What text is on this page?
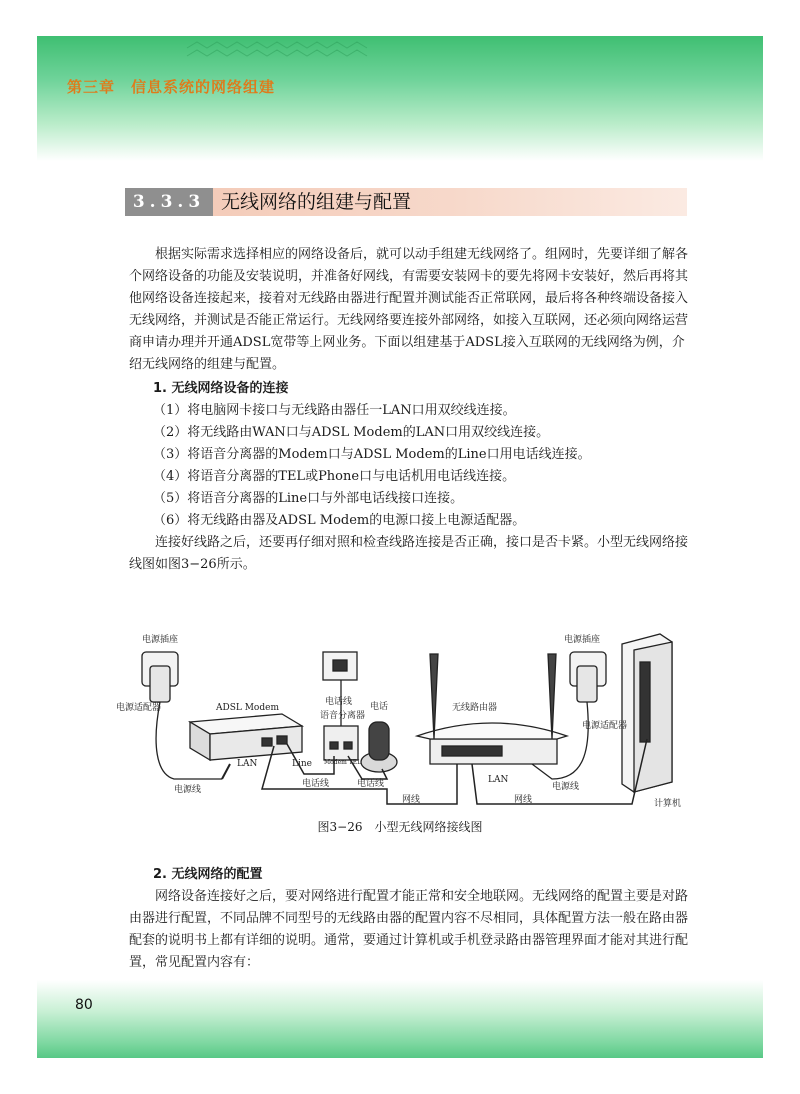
第三章　信息系统的网络组建
3.3.3 无线网络的组建与配置

根据实际需求选择相应的网络设备后，就可以动手组建无线网络了。组网时，先要详细了解各个网络设备的功能及安装说明，并准备好网线，有需要安装网卡的要先将网卡安装好，然后再将其他网络设备连接起来，接着对无线路由器进行配置并测试能否正常联网，最后将各种终端设备接入无线网络，并测试是否能正常运行。无线网络要连接外部网络，如接入互联网，还必须向网络运营商申请办理并开通ADSL宽带等上网业务。下面以组建基于ADSL接入互联网的无线网络为例，介绍无线网络的组建与配置。

1. 无线网络设备的连接
（1）将电脑网卡接口与无线路由器任一LAN口用双绞线连接。
（2）将无线路由WAN口与ADSL Modem的LAN口用双绞线连接。
（3）将语音分离器的Modem口与ADSL Modem的Line口用电话线连接。
（4）将语音分离器的TEL或Phone口与电话机用电话线连接。
（5）将语音分离器的Line口与外部电话线接口连接。
（6）将无线路由器及ADSL Modem的电源口接上电源适配器。

连接好线路之后，还要再仔细对照和检查线路连接是否正确，接口是否卡紧。小型无线网络接线图如图3−26所示。

电源插座
电源适配器	ADSL Modem
电话线
语音分离器
电话	无线路由器
电源插座
电源适配器
计算机
LAN	Line
LAN
电源线
电话线	电话线
网线	网线
电源线
Modem TEL
图3−26　小型无线网络接线图
2. 无线网络的配置

网络设备连接好之后，要对网络进行配置才能正常和安全地联网。无线网络的配置主要是对路由器进行配置，不同品牌不同型号的无线路由器的配置内容不尽相同，具体配置方法一般在路由器配套的说明书上都有详细的说明。通常，要通过计算机或手机登录路由器管理界面才能对其进行配置，常见配置内容有：

80
